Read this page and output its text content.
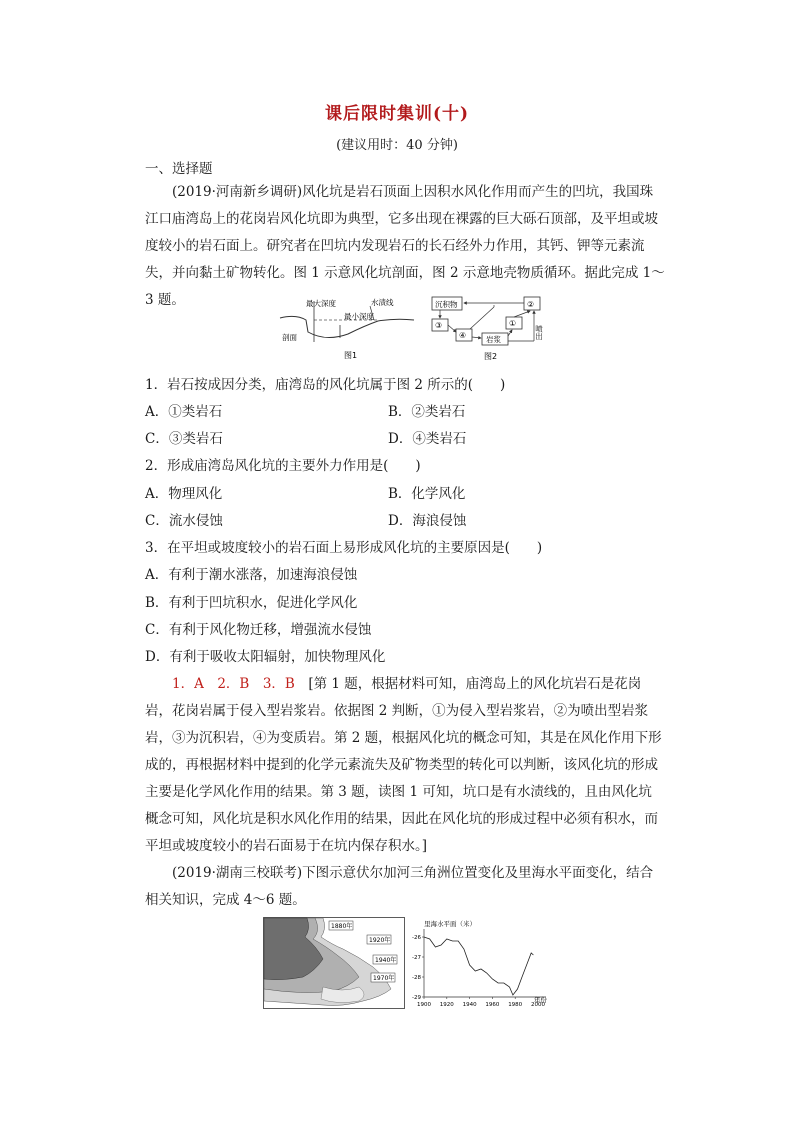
课后限时集训(十)
(建议用时：40 分钟)
一、选择题
(2019·河南新乡调研)风化坑是岩石顶面上因积水风化作用而产生的凹坑，我国珠江口庙湾岛上的花岗岩风化坑即为典型，它多出现在裸露的巨大砾石顶部，及平坦或坡度较小的岩石面上。研究者在凹坑内发现岩石的长石经外力作用，其钙、钾等元素流失，并向黏土矿物转化。图 1 示意风化坑剖面，图 2 示意地壳物质循环。据此完成 1～3 题。	最大深度	水渍线
最小深度
剖面
图1
沉积物	②
③
④
①
岩浆	喷出
图2
1．岩石按成因分类，庙湾岛的风化坑属于图 2 所示的(　　)
A．①类岩石	B．②类岩石
C．③类岩石	D．④类岩石
2．形成庙湾岛风化坑的主要外力作用是(　　)
A．物理风化	B．化学风化
C．流水侵蚀	D．海浪侵蚀
3．在平坦或坡度较小的岩石面上易形成风化坑的主要原因是(　　)
A．有利于潮水涨落，加速海浪侵蚀
B．有利于凹坑积水，促进化学风化
C．有利于风化物迁移，增强流水侵蚀
D．有利于吸收太阳辐射，加快物理风化
1．A　2．B　3．B　 [第 1 题，根据材料可知，庙湾岛上的风化坑岩石是花岗岩，花岗岩属于侵入型岩浆岩。依据图 2 判断，①为侵入型岩浆岩，②为喷出型岩浆岩，③为沉积岩，④为变质岩。第 2 题，根据风化坑的概念可知，其是在风化作用下形成的，再根据材料中提到的化学元素流失及矿物类型的转化可以判断，该风化坑的形成主要是化学风化作用的结果。第 3 题，读图 1 可知，坑口是有水渍线的，且由风化坑概念可知，风化坑是积水风化作用的结果，因此在风化坑的形成过程中必须有积水，而平坦或坡度较小的岩石面易于在坑内保存积水。]
(2019·湖南三校联考)下图示意伏尔加河三角洲位置变化及里海水平面变化，结合相关知识，完成 4～6 题。
1880年
1920年
1940年
1970年
里海水平面（米）
年份
-26
-27
-28
-29
1900 1920 1940 1960 1980 2000
